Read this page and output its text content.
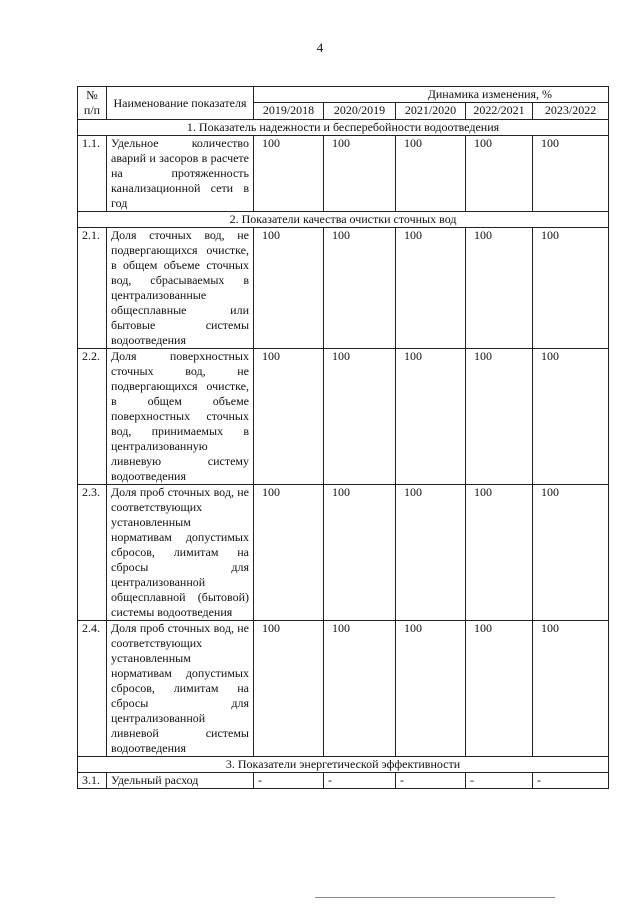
4
№ п/п	Наименование показателя	Динамика изменения, %				
		2019/2018	2020/2019	2021/2020	2022/2021	2023/2022
1. Показатель надежности и бесперебойности водоотведения						
1.1.	Удельное количество аварий и засоров в расчете на протяженность канализационной сети в год	100	100	100	100	100
2. Показатели качества очистки сточных вод						
2.1.	Доля сточных вод, не подвергающихся очистке, в общем объеме сточных вод, сбрасываемых в централизованные общесплавные или бытовые системы водоотведения	100	100	100	100	100
2.2.	Доля поверхностных сточных вод, не подвергающихся очистке, в общем объеме поверхностных сточных вод, принимаемых в централизованную ливневую систему водоотведения	100	100	100	100	100
2.3.	Доля проб сточных вод, не соответствующих установленным нормативам допустимых сбросов, лимитам на сбросы для централизованной общесплавной (бытовой) системы водоотведения	100	100	100	100	100
2.4.	Доля проб сточных вод, не соответствующих установленным нормативам допустимых сбросов, лимитам на сбросы для централизованной ливневой системы водоотведения	100	100	100	100	100
3. Показатели энергетической эффективности						
3.1.	Удельный расход	-	-	-	-	-
